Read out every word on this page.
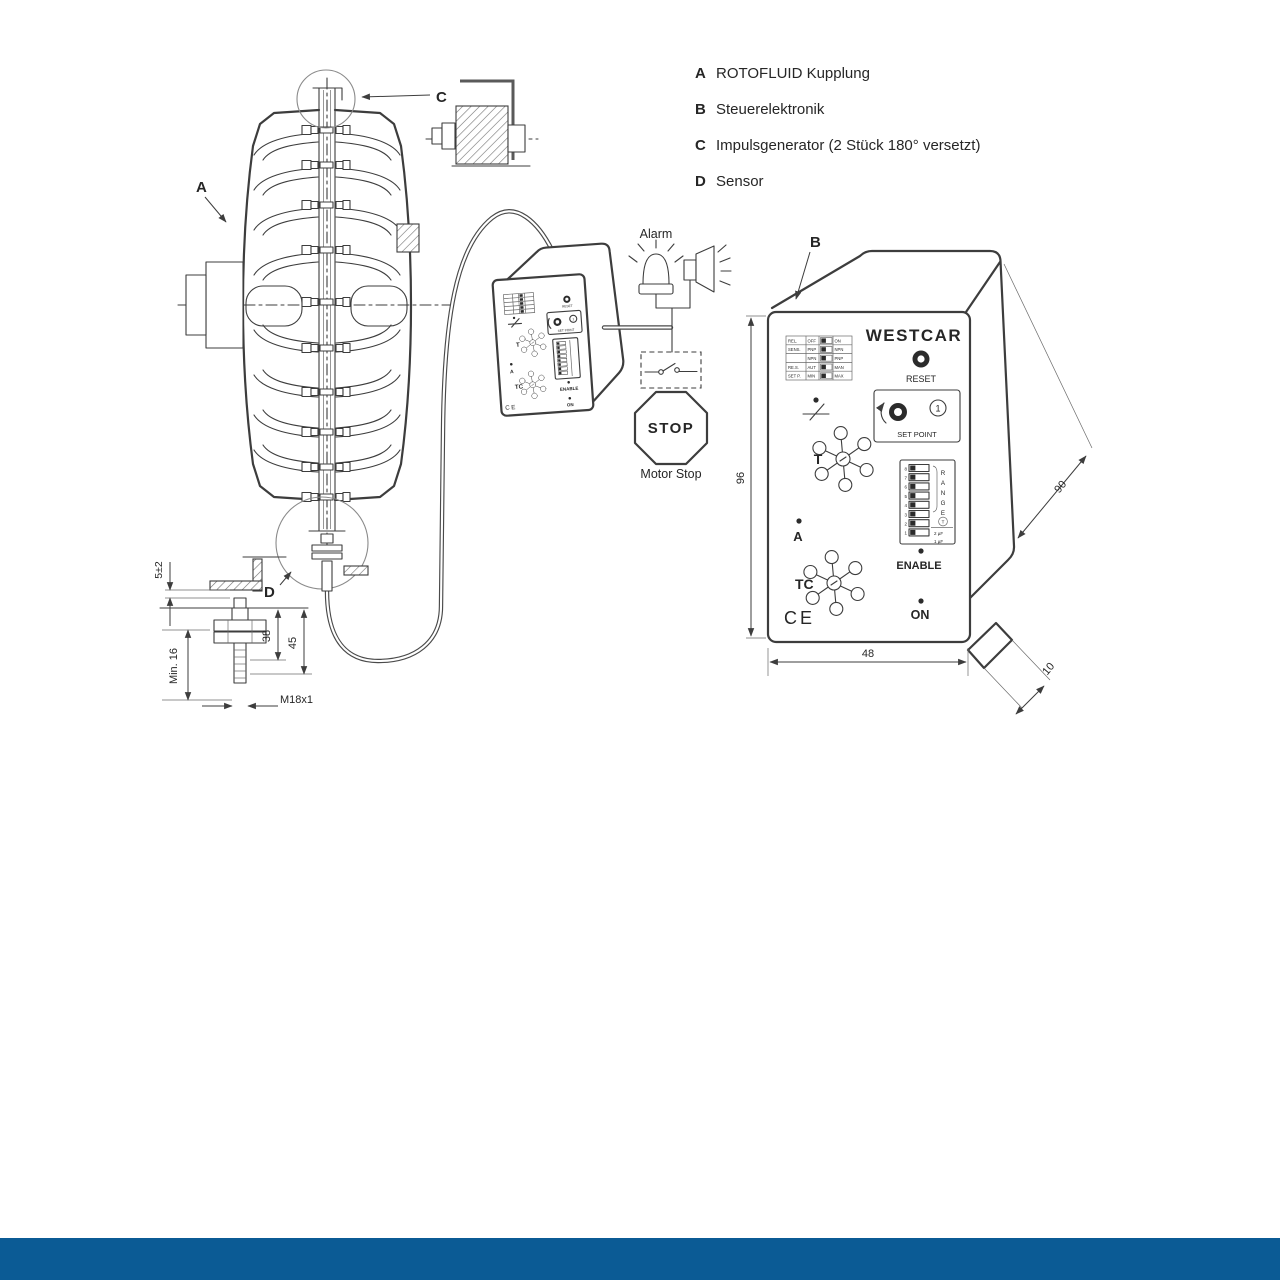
A ROTOFLUID Kupplung
B Steuerelektronik
C Impulsgenerator (2 Stück 180° versetzt)
D Sensor
A
C
D
5±2
38
45
Min. 16
M18x1
RESET
1
SET POINT
T
A
ENABLE
TC
CE	ON
Alarm
STOP
Motor Stop
B
WESTCAR
REL. OFF	ON
SENS. PNP	NPN
NPN	PNP
RE.S. AUT	MAN
SET P. MIN	MAX	RESET
1
SET POINT
T
A
8
7
6
5
4
3
2
1
R
A
N
G
E
T
2 µF
1 µF
ENABLE
TC
CE	ON
96
48
90
10
